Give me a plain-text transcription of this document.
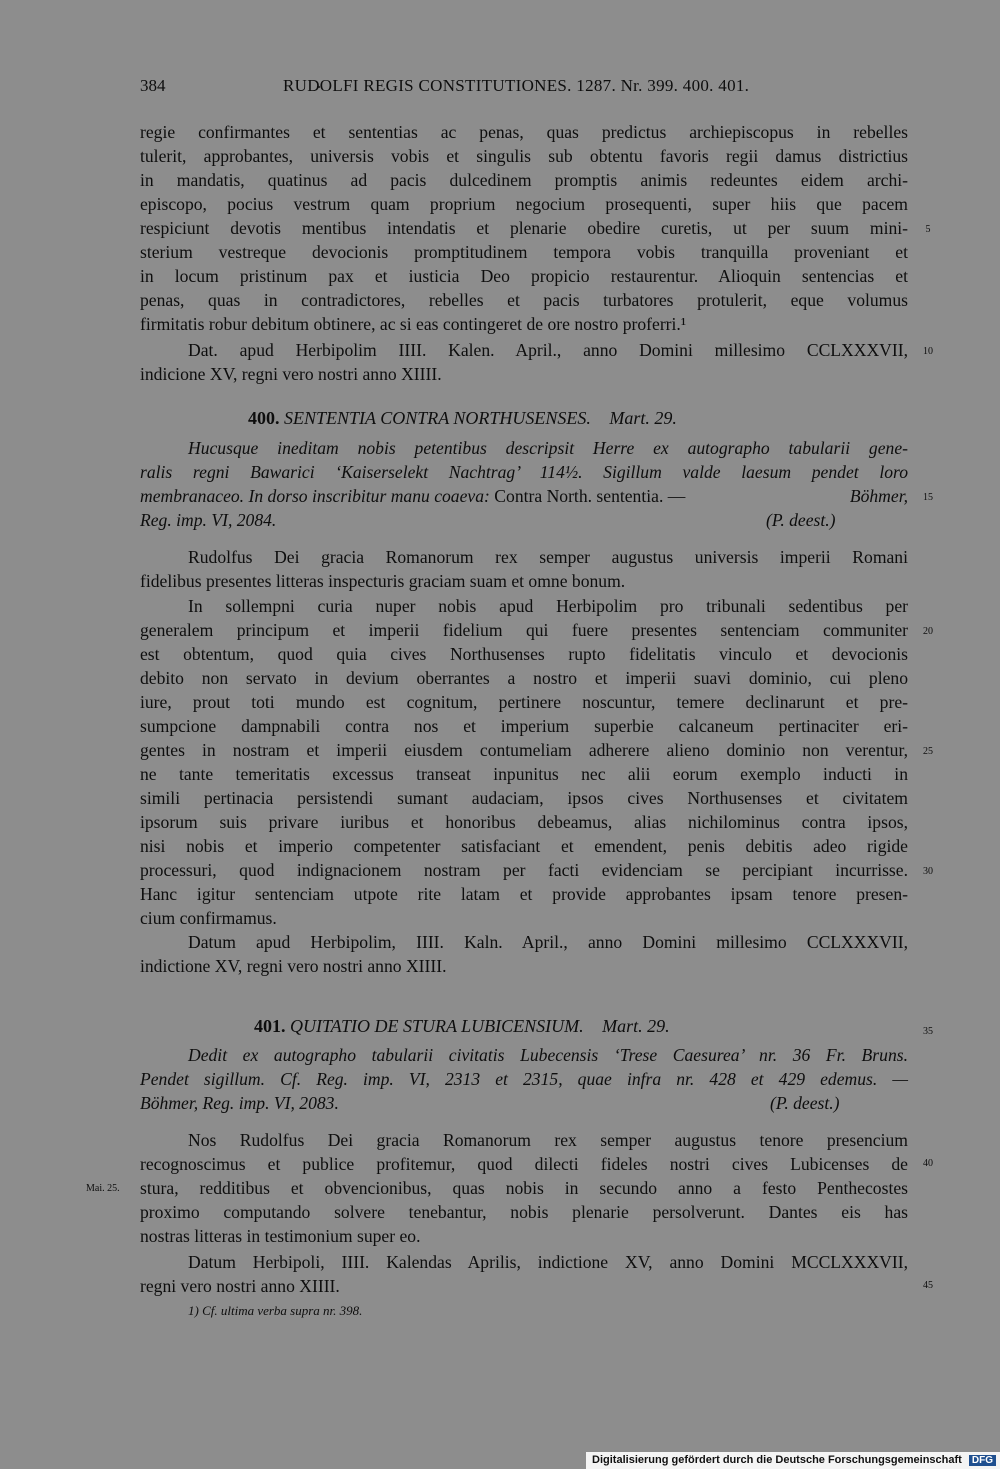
384	RUDOLFI REGIS CONSTITUTIONES. 1287. Nr. 399. 400. 401.
regie confirmantes et sententias ac penas, quas predictus archiepiscopus in rebelles
tulerit, approbantes, universis vobis et singulis sub obtentu favoris regii damus districtius
in mandatis, quatinus ad pacis dulcedinem promptis animis redeuntes eidem archi-
episcopo, pocius vestrum quam proprium negocium prosequenti, super hiis que pacem
respiciunt devotis mentibus intendatis et plenarie obedire curetis, ut per suum mini-
sterium vestreque devocionis promptitudinem tempora vobis tranquilla proveniant et
in locum pristinum pax et iusticia Deo propicio restaurentur. Alioquin sentencias et
penas, quas in contradictores, rebelles et pacis turbatores protulerit, eque volumus
firmitatis robur debitum obtinere, ac si eas contingeret de ore nostro proferri.¹
Dat. apud Herbipolim IIII. Kalen. April., anno Domini millesimo CCLXXXVII,
indicione XV, regni vero nostri anno XIIII.
400. SENTENTIA CONTRA NORTHUSENSES. Mart. 29.
Hucusque ineditam nobis petentibus descripsit Herre ex autographo tabularii gene-
ralis regni Bawarici ‘Kaiserselekt Nachtrag’ 114½. Sigillum valde laesum pendet loro
membranaceo. In dorso inscribitur manu coaeva: Contra North. sententia. —	Böhmer,
Reg. imp. VI, 2084.	(P. deest.)
Rudolfus Dei gracia Romanorum rex semper augustus universis imperii Romani
fidelibus presentes litteras inspecturis graciam suam et omne bonum.
In sollempni curia nuper nobis apud Herbipolim pro tribunali sedentibus per
generalem principum et imperii fidelium qui fuere presentes sentenciam communiter
est obtentum, quod quia cives Northusenses rupto fidelitatis vinculo et devocionis
debito non servato in devium oberrantes a nostro et imperii suavi dominio, cui pleno
iure, prout toti mundo est cognitum, pertinere noscuntur, temere declinarunt et pre-
sumpcione dampnabili contra nos et imperium superbie calcaneum pertinaciter eri-
gentes in nostram et imperii eiusdem contumeliam adherere alieno dominio non verentur,
ne tante temeritatis excessus transeat inpunitus nec alii eorum exemplo inducti in
simili pertinacia persistendi sumant audaciam, ipsos cives Northusenses et civitatem
ipsorum suis privare iuribus et honoribus debeamus, alias nichilominus contra ipsos,
nisi nobis et imperio competenter satisfaciant et emendent, penis debitis adeo rigide
processuri, quod indignacionem nostram per facti evidenciam se percipiant incurrisse.
Hanc igitur sentenciam utpote rite latam et provide approbantes ipsam tenore presen-
cium confirmamus.
Datum apud Herbipolim, IIII. Kaln. April., anno Domini millesimo CCLXXXVII,
indictione XV, regni vero nostri anno XIIII.
401. QUITATIO DE STURA LUBICENSIUM. Mart. 29.
Dedit ex autographo tabularii civitatis Lubecensis ‘Trese Caesurea’ nr. 36 Fr. Bruns.
Pendet sigillum. Cf. Reg. imp. VI, 2313 et 2315, quae infra nr. 428 et 429 edemus. —
Böhmer, Reg. imp. VI, 2083.	(P. deest.)
Nos Rudolfus Dei gracia Romanorum rex semper augustus tenore presencium
recognoscimus et publice profitemur, quod dilecti fideles nostri cives Lubicenses de
stura, redditibus et obvencionibus, quas nobis in secundo anno a festo Penthecostes
proximo computando solvere tenebantur, nobis plenarie persolverunt. Dantes eis has
nostras litteras in testimonium super eo.
Datum Herbipoli, IIII. Kalendas Aprilis, indictione XV, anno Domini MCCLXXXVII,
regni vero nostri anno XIIII.
Mai. 25.
5
10
15
20
25
30
35
40
45
1) Cf. ultima verba supra nr. 398.
Digitalisierung gefördert durch die Deutsche Forschungsgemeinschaft DFG
